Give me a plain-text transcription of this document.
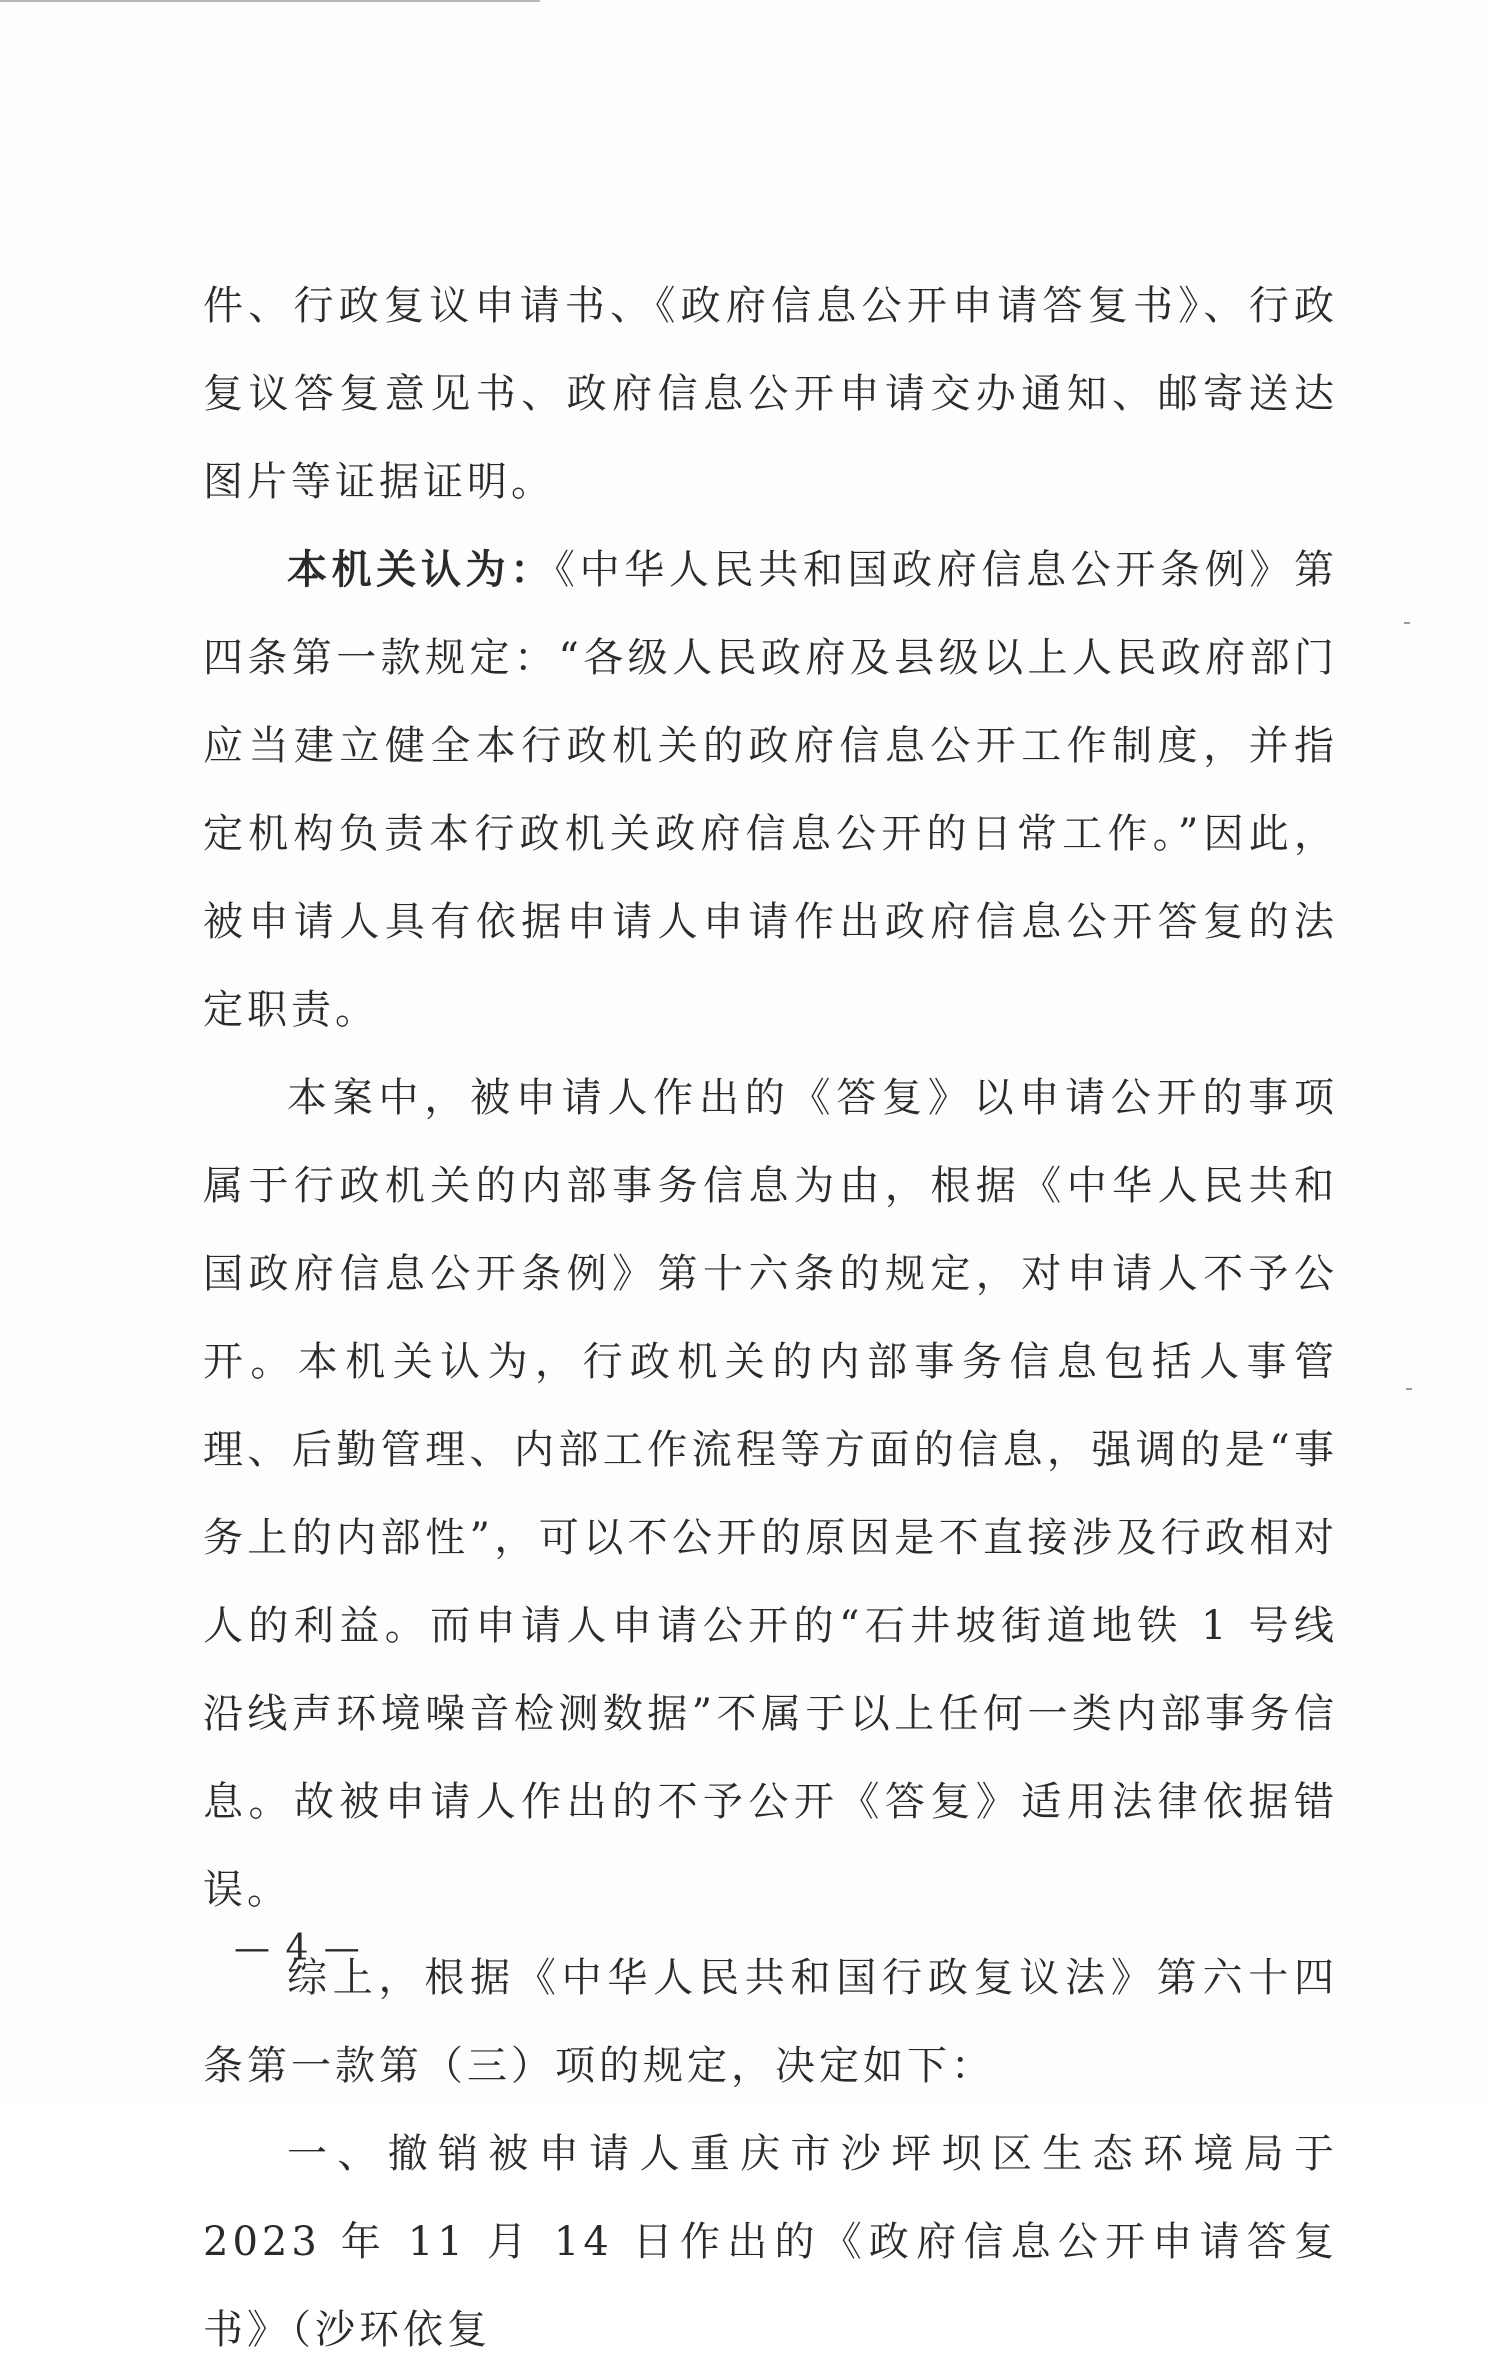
件、行政复议申请书、《政府信息公开申请答复书》、行政复议答复意见书、政府信息公开申请交办通知、邮寄送达图片等证据证明。

本机关认为：《中华人民共和国政府信息公开条例》第四条第一款规定：“各级人民政府及县级以上人民政府部门应当建立健全本行政机关的政府信息公开工作制度，并指定机构负责本行政机关政府信息公开的日常工作。”因此，被申请人具有依据申请人申请作出政府信息公开答复的法定职责。

本案中，被申请人作出的《答复》以申请公开的事项属于行政机关的内部事务信息为由，根据《中华人民共和国政府信息公开条例》第十六条的规定，对申请人不予公开。本机关认为，行政机关的内部事务信息包括人事管理、后勤管理、内部工作流程等方面的信息，强调的是“事务上的内部性”，可以不公开的原因是不直接涉及行政相对人的利益。而申请人申请公开的“石井坡街道地铁 1 号线沿线声环境噪音检测数据”不属于以上任何一类内部事务信息。故被申请人作出的不予公开《答复》适用法律依据错误。

综上，根据《中华人民共和国行政复议法》第六十四条第一款第（三）项的规定，决定如下：

一、撤销被申请人重庆市沙坪坝区生态环境局于 2023 年 11 月 14 日作出的《政府信息公开申请答复书》（沙环依复

— 4 —
